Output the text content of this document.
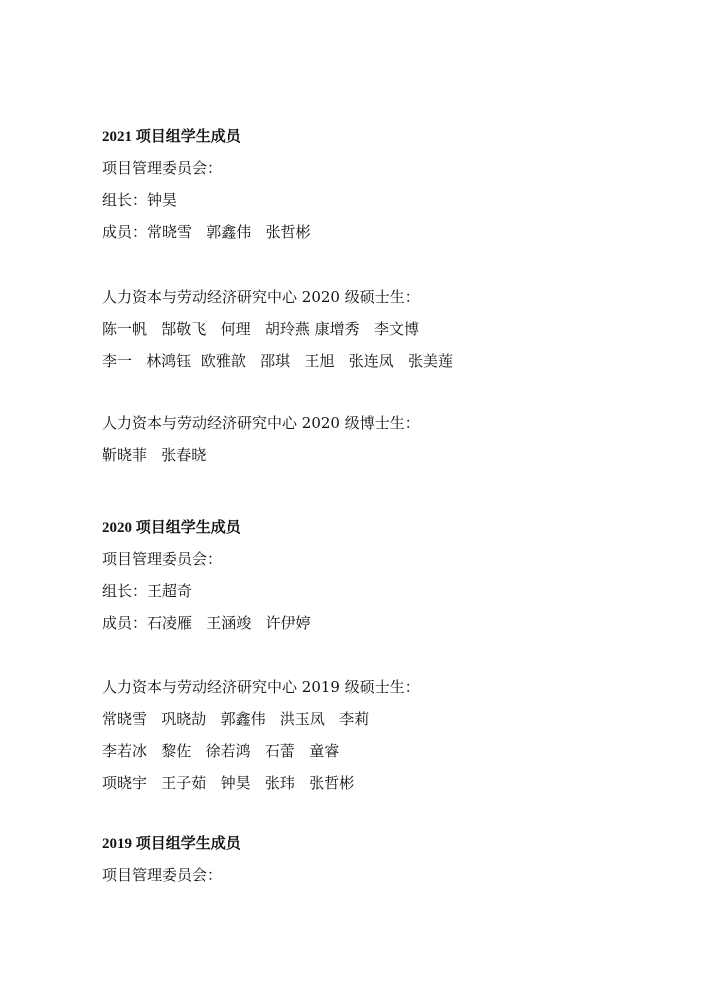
2021 项目组学生成员

项目管理委员会：

组长：钟昊

成员：常晓雪   郭鑫伟   张哲彬

人力资本与劳动经济研究中心 2020 级硕士生：

陈一帆   郜敬飞   何理   胡玲燕 康增秀   李文博

李一   林鸿钰  欧雅歆   邵琪   王旭   张连凤   张美莲

人力资本与劳动经济研究中心 2020 级博士生：

靳晓菲   张春晓

2020 项目组学生成员

项目管理委员会：

组长：王超奇

成员：石凌雁   王涵竣   许伊婷

人力资本与劳动经济研究中心 2019 级硕士生：

常晓雪   巩晓劼   郭鑫伟   洪玉凤   李莉

李若冰   黎佐   徐若鸿   石蕾   童睿

项晓宇   王子茹   钟昊   张玮   张哲彬

2019 项目组学生成员

项目管理委员会：
